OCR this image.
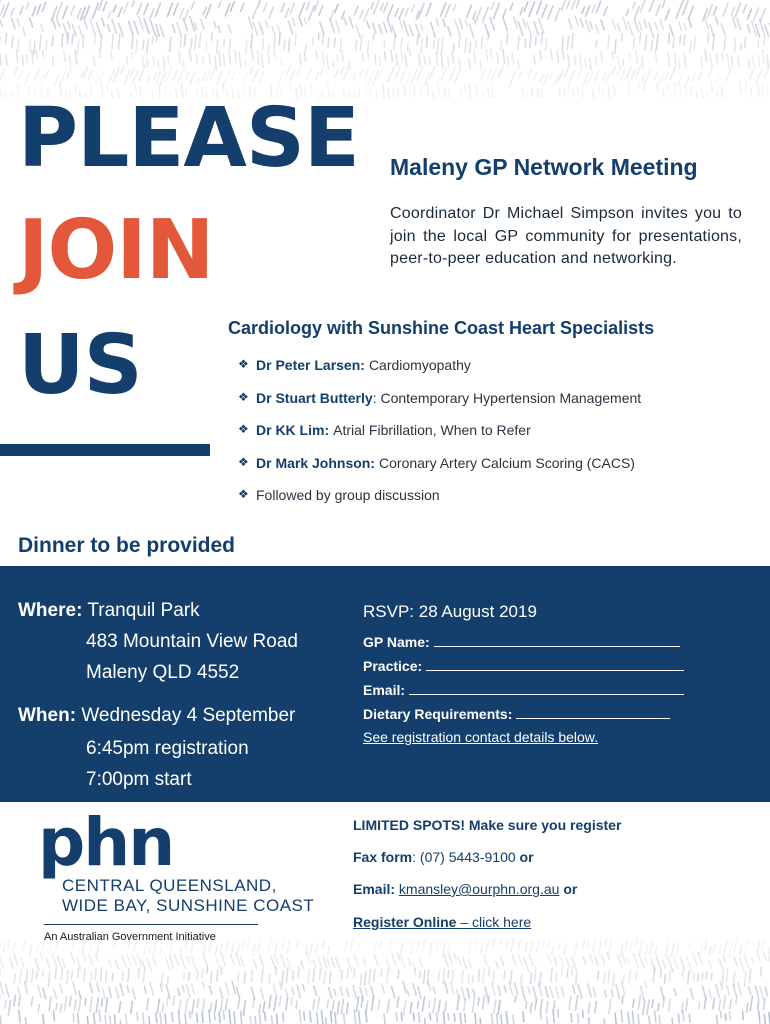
PLEASE
JOIN
US
Maleny GP Network Meeting

Coordinator Dr Michael Simpson invites you to join the local GP community for presentations, peer-to-peer education and networking.

Cardiology with Sunshine Coast Heart Specialists
❖ Dr Peter Larsen: Cardiomyopathy
❖ Dr Stuart Butterly : Contemporary Hypertension Management
❖ Dr KK Lim: Atrial Fibrillation, When to Refer
❖ Dr Mark Johnson: Coronary Artery Calcium Scoring (CACS)
❖ Followed by group discussion
Dinner to be provided
Where: Tranquil Park
483 Mountain View Road
Maleny QLD 4552
When: Wednesday 4 September
6:45pm registration
7:00pm start
RSVP: 28 August 2019
GP Name:
Practice:
Email:
Dietary Requirements:
See registration contact details below.
phn
CENTRAL QUEENSLAND,
WIDE BAY, SUNSHINE COAST
An Australian Government Initiative
LIMITED SPOTS! Make sure you register
Fax form: (07) 5443-9100 or
Email: kmansley@ourphn.org.au or
Register Online – click here
